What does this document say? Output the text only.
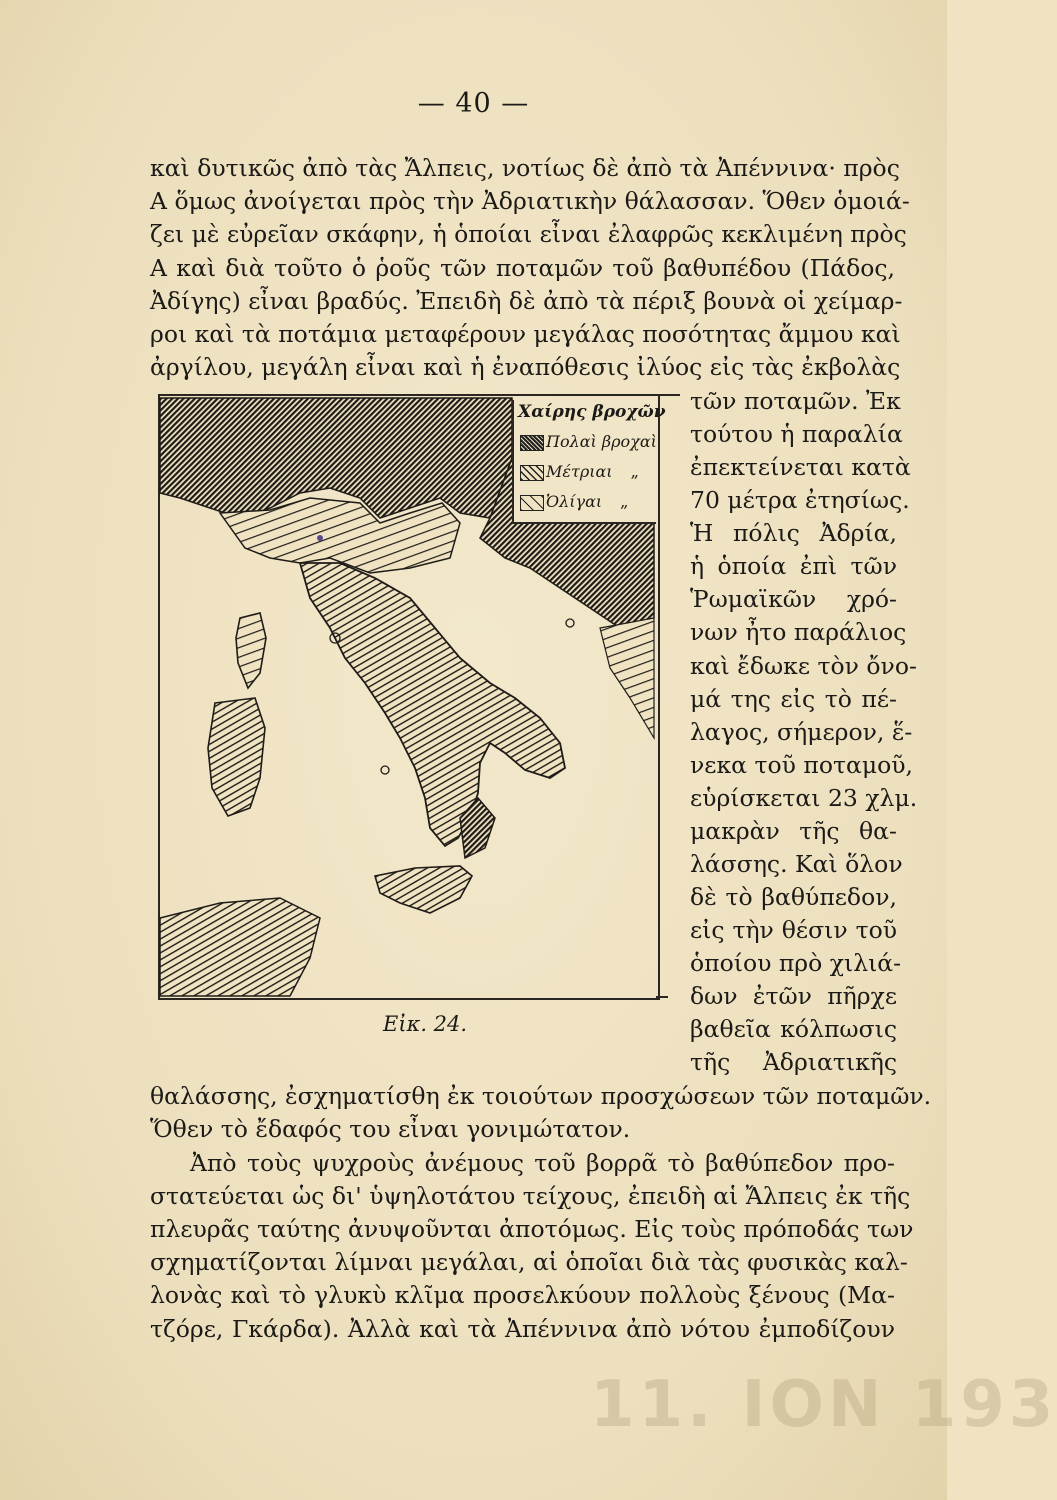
— 40 —
καὶ δυτικῶς ἀπὸ τὰς Ἄλπεις, νοτίως δὲ ἀπὸ τὰ Ἀπέννινα· πρὸς
Α ὅμως ἀνοίγεται πρὸς τὴν Ἀδριατικὴν θάλασσαν. Ὅθεν ὁμοιά-
ζει μὲ εὐρεῖαν σκάφην, ἡ ὁποίαι εἶναι ἐλαφρῶς κεκλιμένη πρὸς
Α καὶ διὰ τοῦτο ὁ ῥοῦς τῶν ποταμῶν τοῦ βαθυπέδου (Πάδος,
Ἀδίγης) εἶναι βραδύς. Ἐπειδὴ δὲ ἀπὸ τὰ πέριξ βουνὰ οἱ χείμαρ-
ροι καὶ τὰ ποτάμια μεταφέρουν μεγάλας ποσότητας ἄμμου καὶ
ἀργίλου, μεγάλη εἶναι καὶ ἡ ἐναπόθεσις ἰλύος εἰς τὰς ἐκβολὰς
Χαίρης βροχῶν
Πολαὶ βροχαὶ
Μέτριαι „
Ὀλίγαι „
Εἰκ. 24.
τῶν ποταμῶν. Ἐκ
τούτου ἡ παραλία
ἐπεκτείνεται κατὰ
70 μέτρα ἐτησίως.
Ἡ πόλις Ἀδρία,
ἡ ὁποία ἐπὶ τῶν
Ῥωμαϊκῶν χρό-
νων ἦτο παράλιος
καὶ ἔδωκε τὸν ὄνο-
μά της εἰς τὸ πέ-
λαγος, σήμερον, ἕ-
νεκα τοῦ ποταμοῦ,
εὑρίσκεται 23 χλμ.
μακρὰν τῆς θα-
λάσσης. Καὶ ὅλον
δὲ τὸ βαθύπεδον,
εἰς τὴν θέσιν τοῦ
ὁποίου πρὸ χιλιά-
δων ἐτῶν πῆρχε
βαθεῖα κόλπωσις
τῆς Ἀδριατικῆς
θαλάσσης, ἐσχηματίσθη ἐκ τοιούτων προσχώσεων τῶν ποταμῶν.
Ὅθεν τὸ ἔδαφός του εἶναι γονιμώτατον.
Ἀπὸ τοὺς ψυχροὺς ἀνέμους τοῦ βορρᾶ τὸ βαθύπεδον προ-
στατεύεται ὡς δι' ὑψηλοτάτου τείχους, ἐπειδὴ αἱ Ἄλπεις ἐκ τῆς
πλευρᾶς ταύτης ἀνυψοῦνται ἀποτόμως. Εἰς τοὺς πρόποδάς των
σχηματίζονται λίμναι μεγάλαι, αἱ ὁποῖαι διὰ τὰς φυσικὰς καλ-
λονὰς καὶ τὸ γλυκὺ κλῖμα προσελκύουν πολλοὺς ξένους (Μα-
τζόρε, Γκάρδα). Ἀλλὰ καὶ τὰ Ἀπέννινα ἀπὸ νότου ἐμποδίζουν
11. ΙΟΝ 193
